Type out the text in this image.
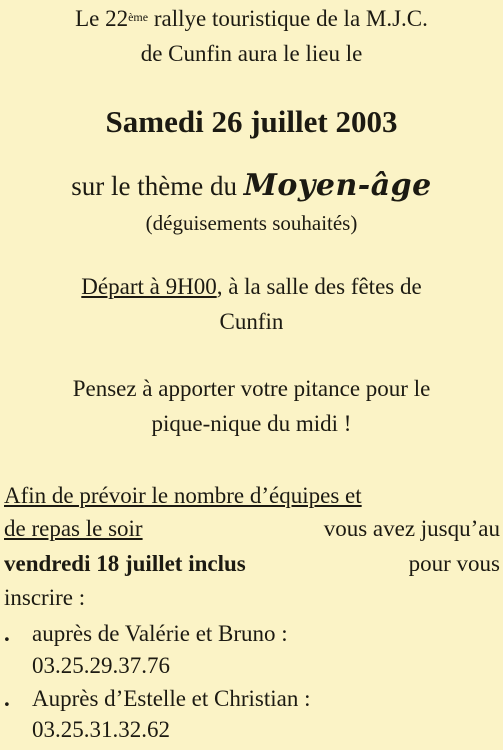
Le 22ème rallye touristique de la M.J.C.
de Cunfin aura le lieu le
Samedi 26 juillet 2003
sur le thème du Moyen-âge
(déguisements souhaités)
Départ à 9H00, à la salle des fêtes de
Cunfin
Pensez à apporter votre pitance pour le
pique-nique du midi !
Afin de prévoir le nombre d’équipes et
de repas le soir	vous avez jusqu’au
vendredi 18 juillet inclus	pour vous
inscrire :
. auprès de Valérie et Bruno :
03.25.29.37.76
. Auprès d’Estelle et Christian :
03.25.31.32.62
